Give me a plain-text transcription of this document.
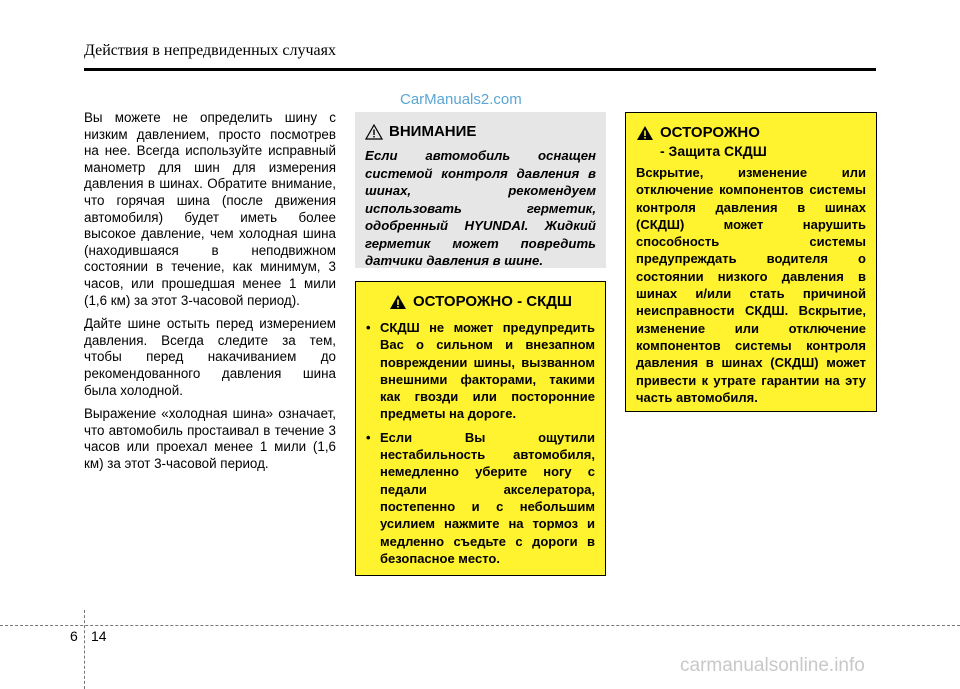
Действия в непредвиденных случаях
CarManuals2.com

Вы можете не определить шину с низким давлением, просто посмотрев на нее. Всегда используйте исправный манометр для шин для измерения давления в шинах. Обратите внимание, что горячая шина (после движения автомобиля) будет иметь более высокое давление, чем холодная шина (находившаяся в неподвижном состоянии в течение, как минимум, 3 часов, или прошедшая менее 1 мили (1,6 км) за этот 3-часовой период).

Дайте шине остыть перед измерением давления. Всегда следите за тем, чтобы перед накачиванием до рекомендованного давления шина была холодной.

Выражение «холодная шина» означает, что автомобиль простаивал в течение 3 часов или проехал менее 1 мили (1,6 км) за этот 3-часовой период.

ВНИМАНИЕ
Если автомобиль оснащен системой контроля давления в шинах, рекомендуем использовать герметик, одобренный HYUNDAI. Жидкий герметик может повредить датчики давления в шине.
ОСТОРОЖНО - СКДШ
• СКДШ не может предупредить Вас о сильном и внезапном повреждении шины, вызванном внешними факторами, такими как гвозди или посторонние предметы на дороге.
• Если Вы ощутили нестабильность автомобиля, немедленно уберите ногу с педали акселератора, постепенно и с небольшим усилием нажмите на тормоз и медленно съедьте с дороги в безопасное место.
ОСТОРОЖНО
- Защита СКДШ
Вскрытие, изменение или отключение компонентов системы контроля давления в шинах (СКДШ) может нарушить способность системы предупреждать водителя о состоянии низкого давления в шинах и/или стать причиной неисправности СКДШ. Вскрытие, изменение или отключение компонентов системы контроля давления в шинах (СКДШ) может привести к утрате гарантии на эту часть автомобиля.
6 14
carmanualsonline.info
